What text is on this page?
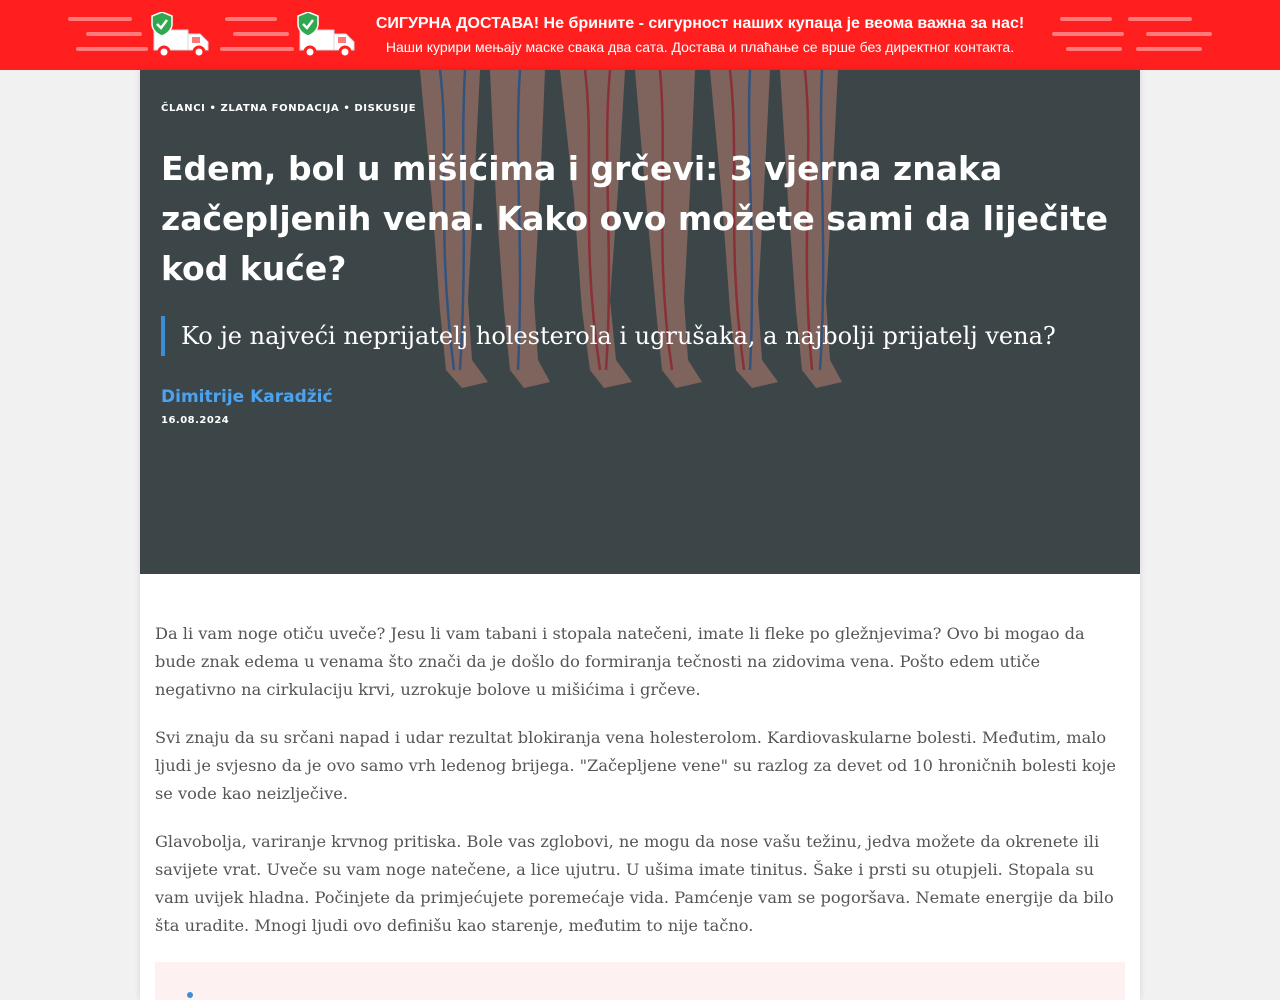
СИГУРНА ДОСТАВА! Не брините - сигурност наших купаца је веома важна за нас!
Наши курири мењају маске свака два сата. Достава и плаћање се врше без директног контакта.
ČLANCI • ZLATNA FONDACIJA • DISKUSIJE
Edem, bol u mišićima i grčevi: 3 vjerna znaka začepljenih vena. Kako ovo možete sami da liječite kod kuće?
Ko je najveći neprijatelj holesterola i ugrušaka, a najbolji prijatelj vena?
Dimitrije Karadžić
16.08.2024

Da li vam noge otiču uveče? Jesu li vam tabani i stopala natečeni, imate li fleke po gležnjevima? Ovo bi mogao da bude znak edema u venama što znači da je došlo do formiranja tečnosti na zidovima vena. Pošto edem utiče negativno na cirkulaciju krvi, uzrokuje bolove u mišićima i grčeve.

Svi znaju da su srčani napad i udar rezultat blokiranja vena holesterolom. Kardiovaskularne bolesti. Međutim, malo ljudi je svjesno da je ovo samo vrh ledenog brijega. "Začepljene vene" su razlog za devet od 10 hroničnih bolesti koje se vode kao neizlječive.

Glavobolja, variranje krvnog pritiska. Bole vas zglobovi, ne mogu da nose vašu težinu, jedva možete da okrenete ili savijete vrat. Uveče su vam noge natečene, a lice ujutru. U ušima imate tinitus. Šake i prsti su otupjeli. Stopala su vam uvijek hladna. Počinjete da primjećujete poremećaje vida. Pamćenje vam se pogoršava. Nemate energije da bilo šta uradite. Mnogi ljudi ovo definišu kao starenje, međutim to nije tačno.
